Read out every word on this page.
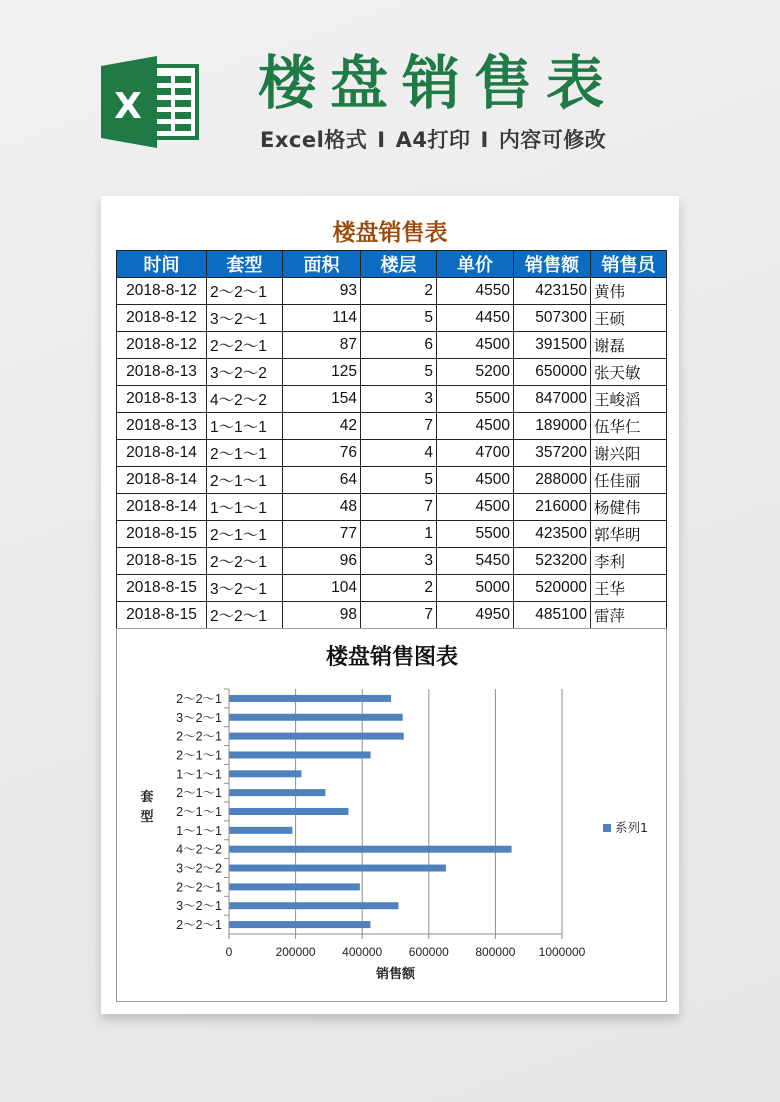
X 楼盘销售表
Excel格式 I A4打印 I 内容可修改
楼盘销售表
时间	套型	面积	楼层	单价	销售额	销售员
2018-8-12	2～2～1	93	2	4550	423150	黄伟
2018-8-12	3～2～1	114	5	4450	507300	王硕
2018-8-12	2～2～1	87	6	4500	391500	谢磊
2018-8-13	3～2～2	125	5	5200	650000	张天敏
2018-8-13	4～2～2	154	3	5500	847000	王峻滔
2018-8-13	1～1～1	42	7	4500	189000	伍华仁
2018-8-14	2～1～1	76	4	4700	357200	谢兴阳
2018-8-14	2～1～1	64	5	4500	288000	任佳丽
2018-8-14	1～1～1	48	7	4500	216000	杨健伟
2018-8-15	2～1～1	77	1	5500	423500	郭华明
2018-8-15	2～2～1	96	3	5450	523200	李利
2018-8-15	3～2～1	104	2	5000	520000	王华
2018-8-15	2～2～1	98	7	4950	485100	雷萍
楼盘销售图表
0	200000 400000 600000 800000 1000000
2～2～1
3～2～1
2～2～1
3～2～2
4～2～2
1～1～1
2～1～1
2～1～1
1～1～1
2～1～1
2～2～1
3～2～1
2～2～1
销售额
套
型
系列1
